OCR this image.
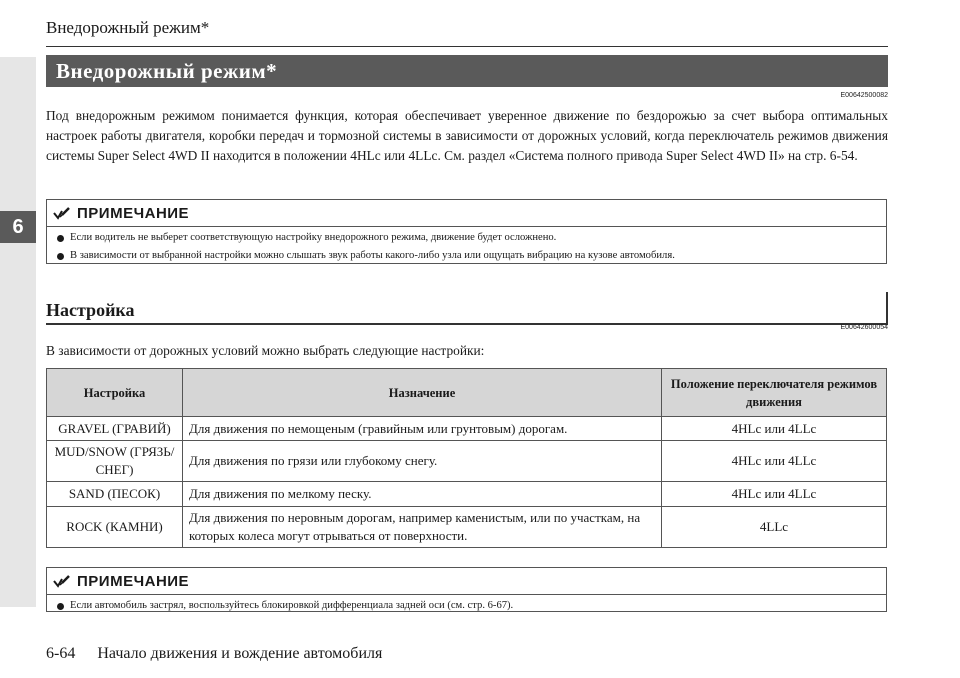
6
Внедорожный режим*
Внедорожный режим*
E00642500082
Под внедорожным режимом понимается функция, которая обеспечивает уверенное движение по бездорожью за счет выбора оптимальных настроек работы двигателя, коробки передач и тормозной системы в зависимости от дорожных условий, когда переключатель режимов движения системы Super Select 4WD II находится в положении 4HLc или 4LLc. См. раздел «Система полного привода Super Select 4WD II» на стр. 6-54.
ПРИМЕЧАНИЕ
Если водитель не выберет соответствующую настройку внедорожного режима, движение будет осложнено.
В зависимости от выбранной настройки можно слышать звук работы какого-либо узла или ощущать вибрацию на кузове автомобиля.
Настройка
E00642600054
В зависимости от дорожных условий можно выбрать следующие настройки:
Настройка	Назначение	Положение переключателя режимов движения
GRAVEL (ГРАВИЙ)	Для движения по немощеным (гравийным или грунтовым) дорогам.	4HLc или 4LLc
MUD/SNOW (ГРЯЗЬ/СНЕГ)	Для движения по грязи или глубокому снегу.	4HLc или 4LLc
SAND (ПЕСОК)	Для движения по мелкому песку.	4HLc или 4LLc
ROCK (КАМНИ)	Для движения по неровным дорогам, например каменистым, или по участкам, на которых колеса могут отрываться от поверхности.	4LLc
ПРИМЕЧАНИЕ
Если автомобиль застрял, воспользуйтесь блокировкой дифференциала задней оси (см. стр. 6-67).
6-64 Начало движения и вождение автомобиля
